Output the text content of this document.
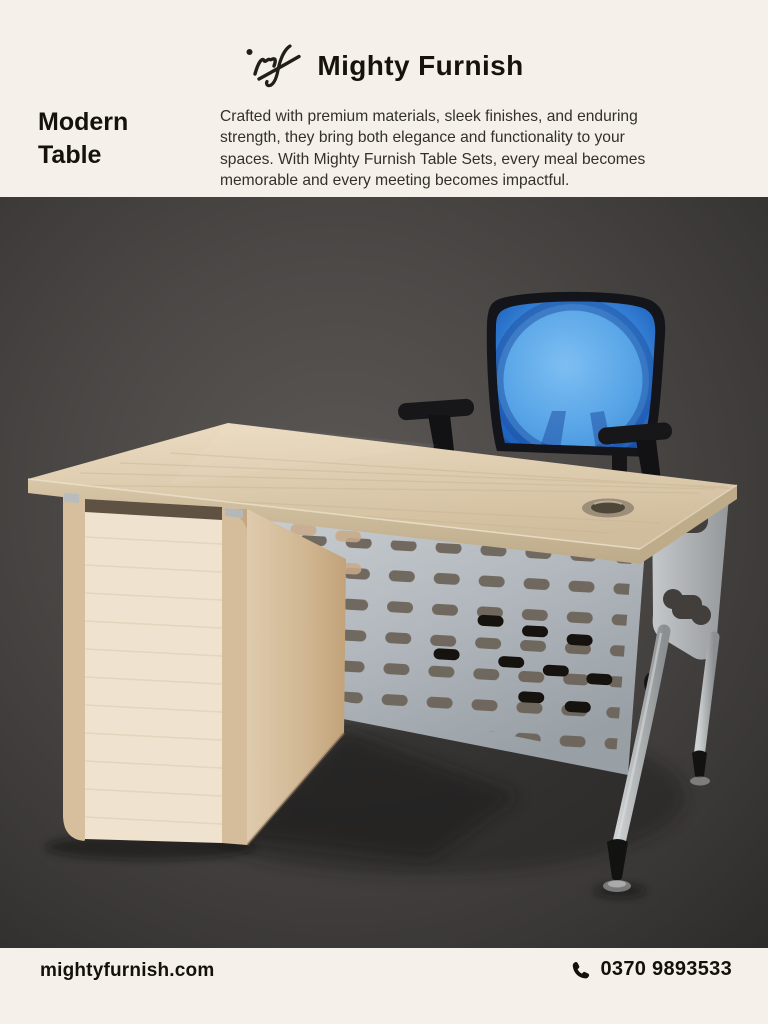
Mighty Furnish
Modern
Table
Crafted with premium materials, sleek finishes, and enduring
strength, they bring both elegance and functionality to your
spaces. With Mighty Furnish Table Sets, every meal becomes
memorable and every meeting becomes impactful.
mightyfurnish.com	0370 9893533
